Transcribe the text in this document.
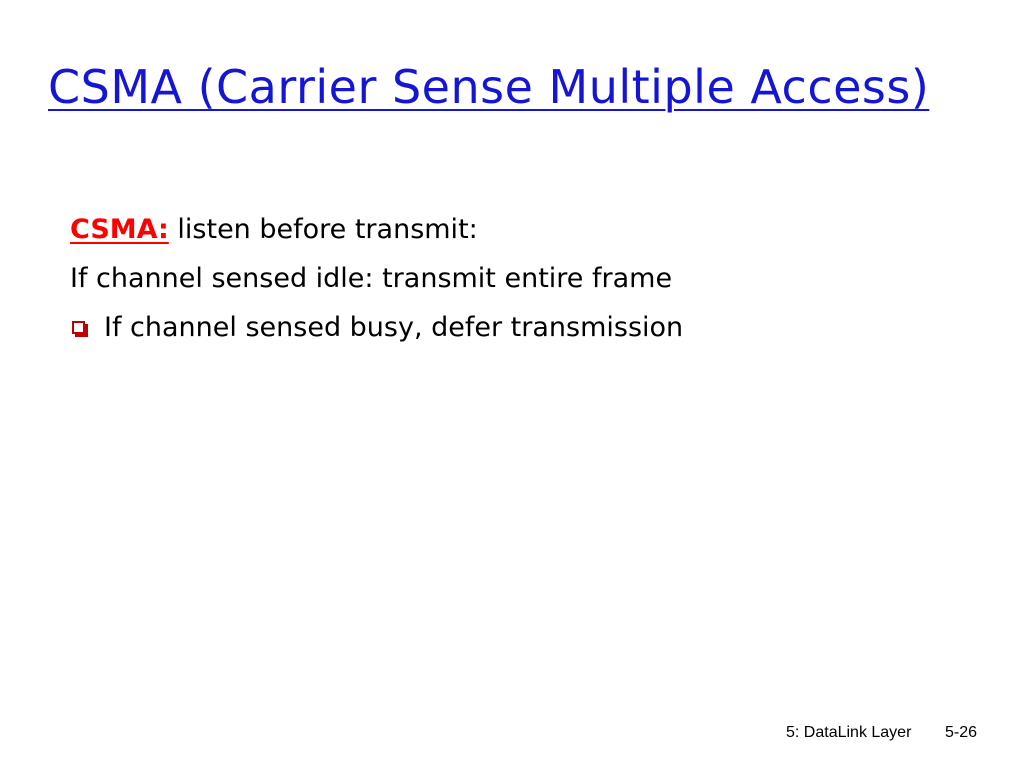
CSMA (Carrier Sense Multiple Access)
CSMA: listen before transmit:
If channel sensed idle: transmit entire frame
If channel sensed busy, defer transmission
5: DataLink Layer 5-26
